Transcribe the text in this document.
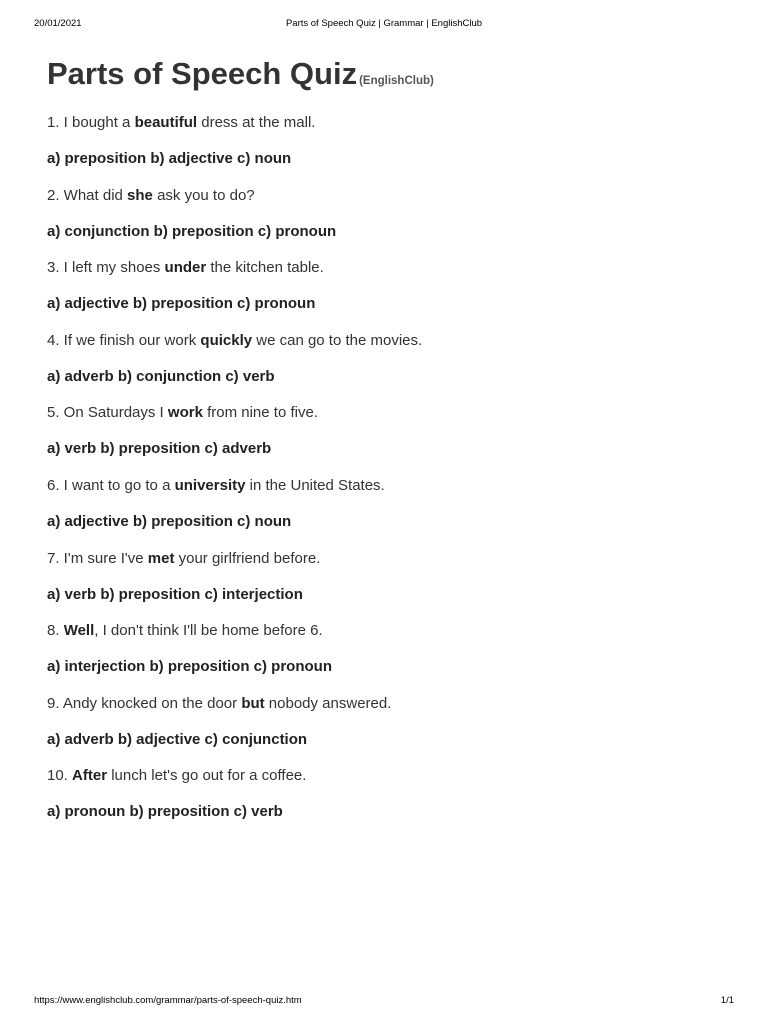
20/01/2021	Parts of Speech Quiz | Grammar | EnglishClub
Parts of Speech Quiz (EnglishClub)
1. I bought a beautiful dress at the mall.
a) preposition b) adjective c) noun
2. What did she ask you to do?
a) conjunction b) preposition c) pronoun
3. I left my shoes under the kitchen table.
a) adjective b) preposition c) pronoun
4. If we finish our work quickly we can go to the movies.
a) adverb b) conjunction c) verb
5. On Saturdays I work from nine to five.
a) verb b) preposition c) adverb
6. I want to go to a university in the United States.
a) adjective b) preposition c) noun
7. I'm sure I've met your girlfriend before.
a) verb b) preposition c) interjection
8. Well, I don't think I'll be home before 6.
a) interjection b) preposition c) pronoun
9. Andy knocked on the door but nobody answered.
a) adverb b) adjective c) conjunction
10. After lunch let's go out for a coffee.
a) pronoun b) preposition c) verb
https://www.englishclub.com/grammar/parts-of-speech-quiz.htm	1/1
